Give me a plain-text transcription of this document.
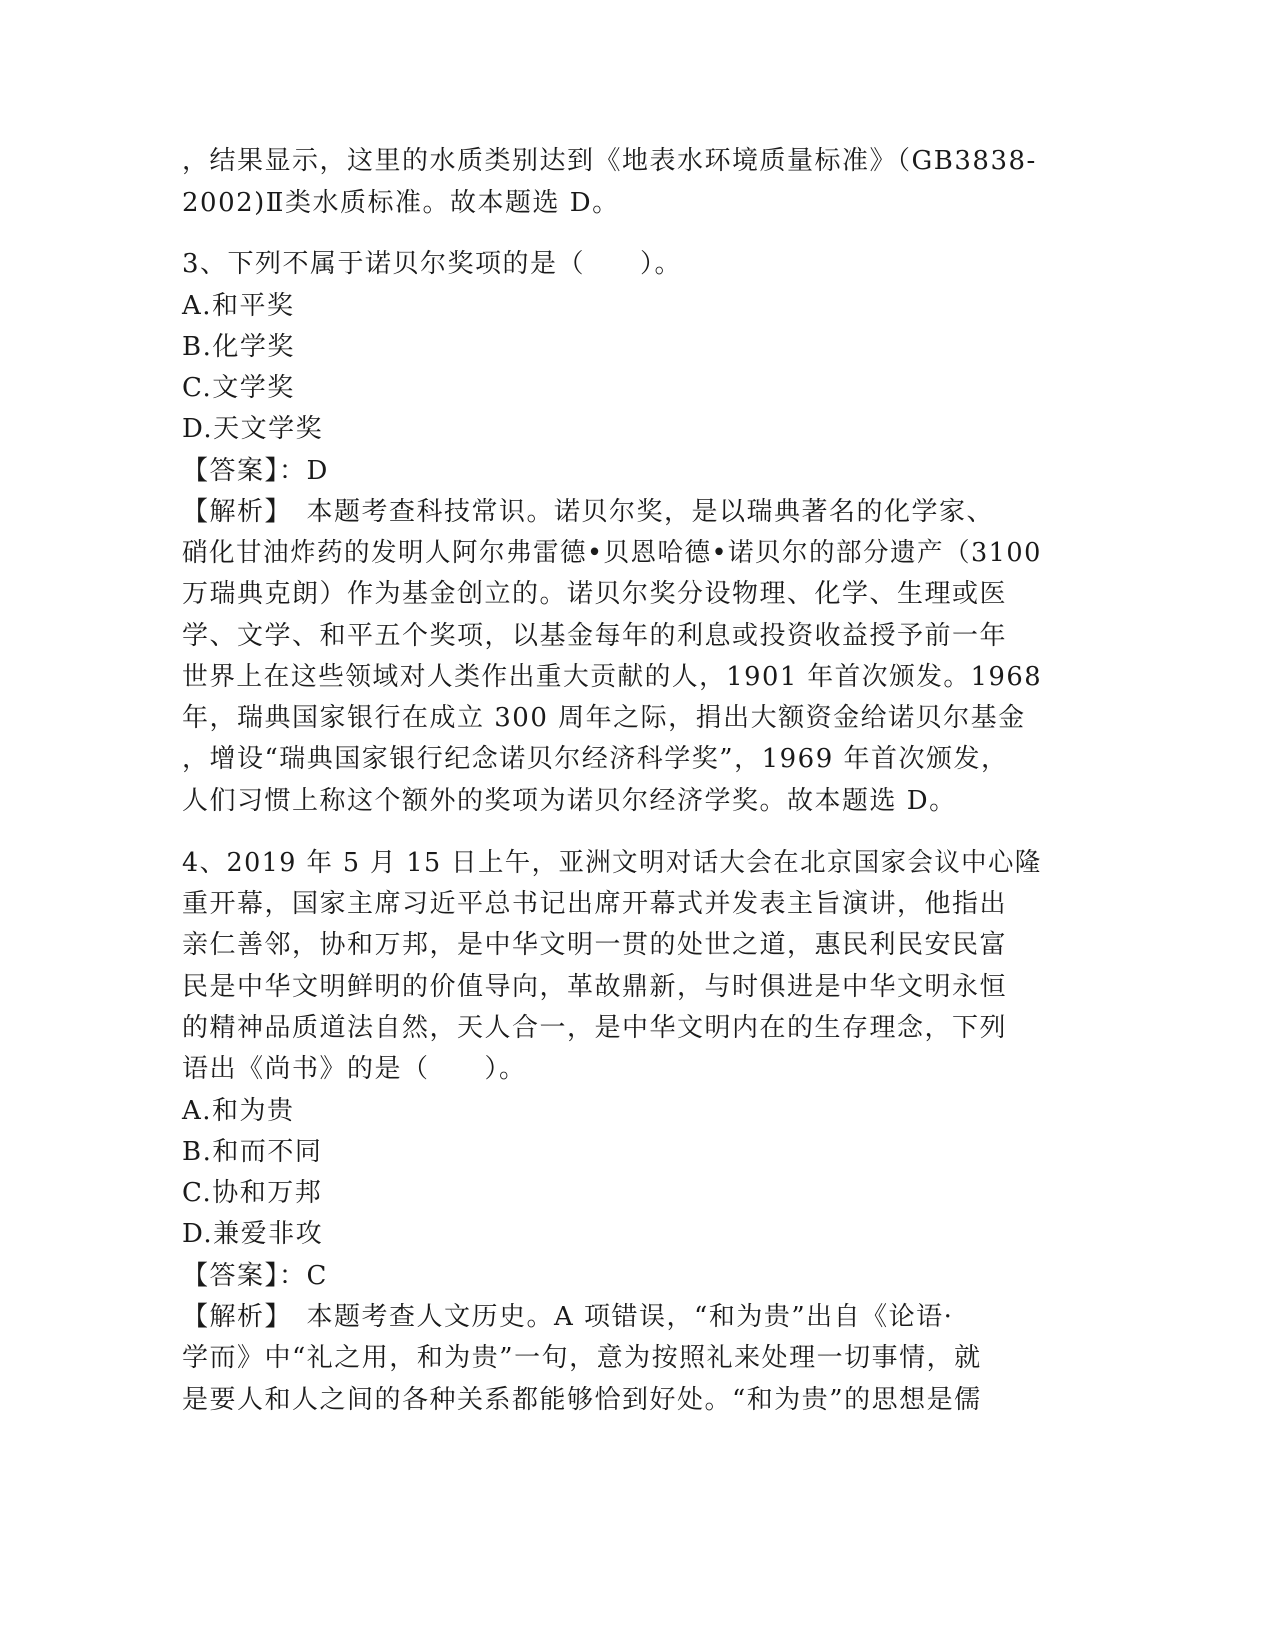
，结果显示，这里的水质类别达到《地表水环境质量标准》（GB3838-
2002)Ⅱ类水质标准。故本题选 D。
3、下列不属于诺贝尔奖项的是（　　）。
A.和平奖
B.化学奖
C.文学奖
D.天文学奖
【答案】：D
【解析】　本题考查科技常识。诺贝尔奖，是以瑞典著名的化学家、
硝化甘油炸药的发明人阿尔弗雷德•贝恩哈德•诺贝尔的部分遗产（3100
万瑞典克朗）作为基金创立的。诺贝尔奖分设物理、化学、生理或医
学、文学、和平五个奖项，以基金每年的利息或投资收益授予前一年
世界上在这些领域对人类作出重大贡献的人，1901 年首次颁发。1968
年，瑞典国家银行在成立 300 周年之际，捐出大额资金给诺贝尔基金
，增设“瑞典国家银行纪念诺贝尔经济科学奖”，1969 年首次颁发，
人们习惯上称这个额外的奖项为诺贝尔经济学奖。故本题选 D。
4、2019 年 5 月 15 日上午，亚洲文明对话大会在北京国家会议中心隆
重开幕，国家主席习近平总书记出席开幕式并发表主旨演讲，他指出
亲仁善邻，协和万邦，是中华文明一贯的处世之道，惠民利民安民富
民是中华文明鲜明的价值导向，革故鼎新，与时俱进是中华文明永恒
的精神品质道法自然，天人合一，是中华文明内在的生存理念，下列
语出《尚书》的是（　　）。
A.和为贵
B.和而不同
C.协和万邦
D.兼爱非攻
【答案】：C
【解析】　本题考查人文历史。A 项错误，“和为贵”出自《论语·
学而》中“礼之用，和为贵”一句，意为按照礼来处理一切事情，就
是要人和人之间的各种关系都能够恰到好处。“和为贵”的思想是儒
